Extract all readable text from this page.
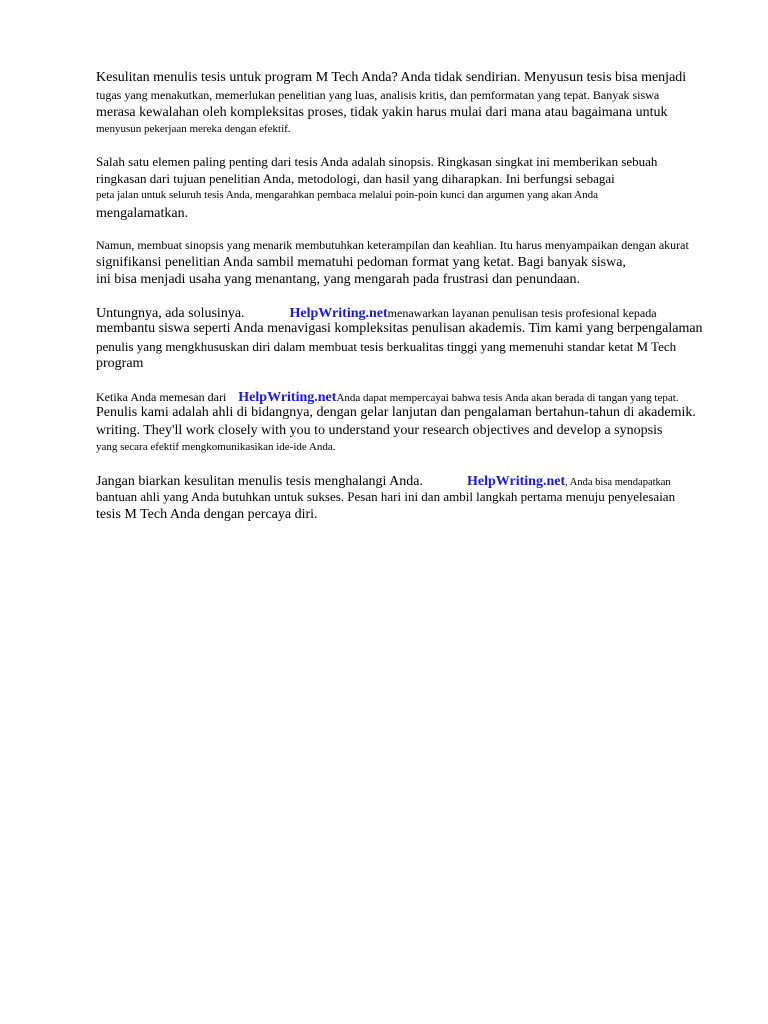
Kesulitan menulis tesis untuk program M Tech Anda? Anda tidak sendirian. Menyusun tesis bisa menjadi
tugas yang menakutkan, memerlukan penelitian yang luas, analisis kritis, dan pemformatan yang tepat. Banyak siswa
merasa kewalahan oleh kompleksitas proses, tidak yakin harus mulai dari mana atau bagaimana untuk
menyusun pekerjaan mereka dengan efektif.
Salah satu elemen paling penting dari tesis Anda adalah sinopsis. Ringkasan singkat ini memberikan sebuah
ringkasan dari tujuan penelitian Anda, metodologi, dan hasil yang diharapkan. Ini berfungsi sebagai
peta jalan untuk seluruh tesis Anda, mengarahkan pembaca melalui poin-poin kunci dan argumen yang akan Anda
mengalamatkan.
Namun, membuat sinopsis yang menarik membutuhkan keterampilan dan keahlian. Itu harus menyampaikan dengan akurat
signifikansi penelitian Anda sambil mematuhi pedoman format yang ketat. Bagi banyak siswa,
ini bisa menjadi usaha yang menantang, yang mengarah pada frustrasi dan penundaan.
Untungnya, ada solusinya.	HelpWriting.netmenawarkan layanan penulisan tesis profesional kepada
membantu siswa seperti Anda menavigasi kompleksitas penulisan akademis. Tim kami yang berpengalaman
penulis yang mengkhususkan diri dalam membuat tesis berkualitas tinggi yang memenuhi standar ketat M Tech
program
Ketika Anda memesan dari HelpWriting.netAnda dapat mempercayai bahwa tesis Anda akan berada di tangan yang tepat.
Penulis kami adalah ahli di bidangnya, dengan gelar lanjutan dan pengalaman bertahun-tahun di akademik.
writing. They'll work closely with you to understand your research objectives and develop a synopsis
yang secara efektif mengkomunikasikan ide-ide Anda.
Jangan biarkan kesulitan menulis tesis menghalangi Anda.	HelpWriting.net, Anda bisa mendapatkan
bantuan ahli yang Anda butuhkan untuk sukses. Pesan hari ini dan ambil langkah pertama menuju penyelesaian
tesis M Tech Anda dengan percaya diri.
